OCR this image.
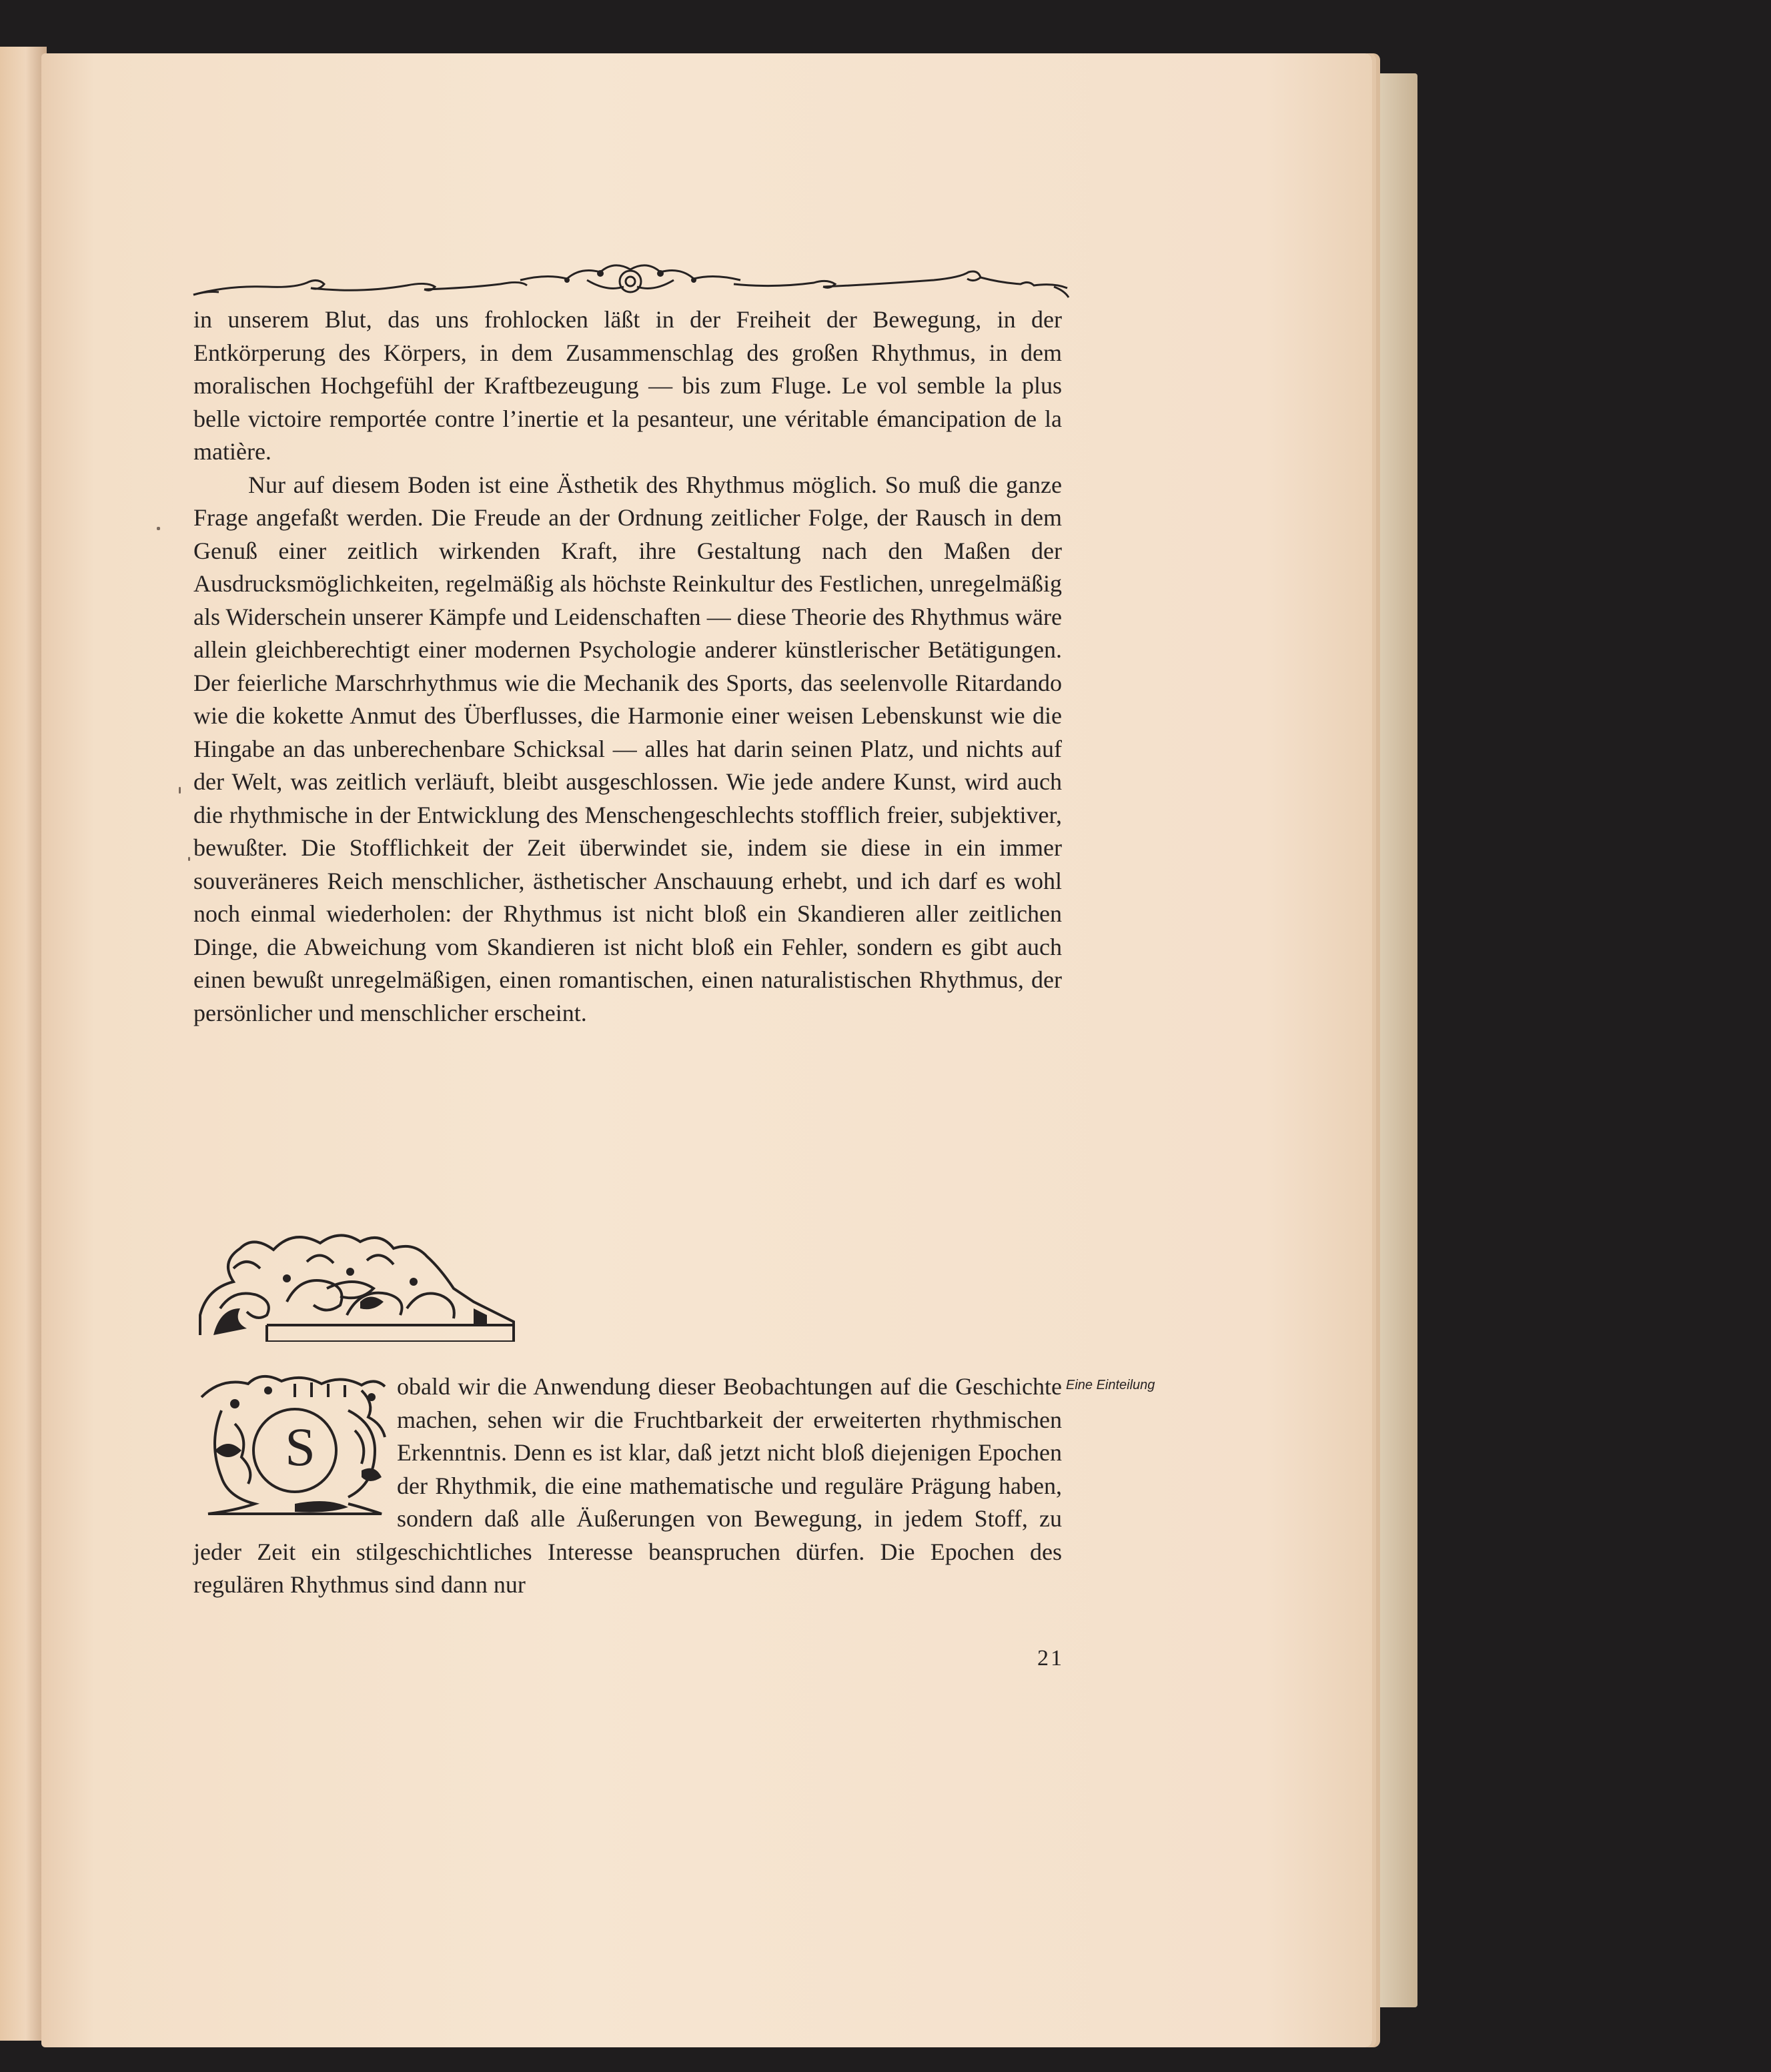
in unserem Blut, das uns frohlocken läßt in der Freiheit der Bewegung, in der Entkörperung des Körpers, in dem Zusammenschlag des großen Rhythmus, in dem moralischen Hochgefühl der Kraftbezeugung — bis zum Fluge. Le vol semble la plus belle victoire remportée contre l’inertie et la pesanteur, une véritable émancipation de la matière.

Nur auf diesem Boden ist eine Ästhetik des Rhythmus möglich. So muß die ganze Frage angefaßt werden. Die Freude an der Ordnung zeitlicher Folge, der Rausch in dem Genuß einer zeitlich wirkenden Kraft, ihre Gestaltung nach den Maßen der Ausdrucksmöglichkeiten, regelmäßig als höchste Reinkultur des Festlichen, unregelmäßig als Widerschein unserer Kämpfe und Leidenschaften — diese Theorie des Rhythmus wäre allein gleichberechtigt einer modernen Psychologie anderer künstlerischer Betätigungen. Der feierliche Marschrhythmus wie die Mechanik des Sports, das seelenvolle Ritardando wie die kokette Anmut des Überflusses, die Harmonie einer weisen Lebenskunst wie die Hingabe an das unberechenbare Schicksal — alles hat darin seinen Platz, und nichts auf der Welt, was zeitlich verläuft, bleibt ausgeschlossen. Wie jede andere Kunst, wird auch die rhythmische in der Entwicklung des Menschengeschlechts stofflich freier, subjektiver, bewußter. Die Stofflichkeit der Zeit überwindet sie, indem sie diese in ein immer souveräneres Reich menschlicher, ästhetischer Anschauung erhebt, und ich darf es wohl noch einmal wiederholen: der Rhythmus ist nicht bloß ein Skandieren aller zeitlichen Dinge, die Abweichung vom Skandieren ist nicht bloß ein Fehler, sondern es gibt auch einen bewußt unregelmäßigen, einen romantischen, einen naturalistischen Rhythmus, der persönlicher und menschlicher erscheint.

S

obald wir die Anwendung dieser Beobachtungen auf die Geschichte machen, sehen wir die Fruchtbarkeit der erweiterten rhythmischen Erkenntnis. Denn es ist klar, daß jetzt nicht bloß diejenigen Epochen der Rhythmik, die eine mathematische und reguläre Prägung haben, sondern daß alle Äußerungen von Bewegung, in jedem Stoff, zu jeder Zeit ein stilgeschichtliches Interesse beanspruchen dürfen. Die Epochen des regulären Rhythmus sind dann nur

Eine Einteilung
21
